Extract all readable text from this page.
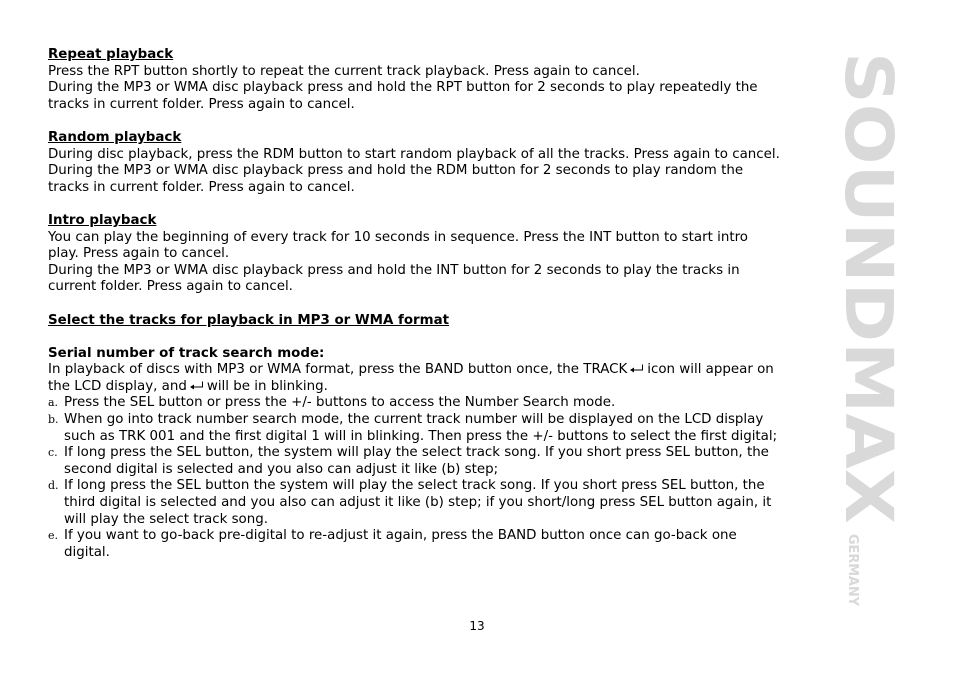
Repeat playback
Press the RPT button shortly to repeat the current track playback. Press again to cancel.
During the MP3 or WMA disc playback press and hold the RPT button for 2 seconds to play repeatedly the
tracks in current folder. Press again to cancel.
Random playback
During disc playback, press the RDM button to start random playback of all the tracks. Press again to cancel.
During the MP3 or WMA disc playback press and hold the RDM button for 2 seconds to play random the
tracks in current folder. Press again to cancel.
Intro playback
You can play the beginning of every track for 10 seconds in sequence. Press the INT button to start intro
play. Press again to cancel.
During the MP3 or WMA disc playback press and hold the INT button for 2 seconds to play the tracks in
current folder. Press again to cancel.
Select the tracks for playback in MP3 or WMA format
Serial number of track search mode:
In playback of discs with MP3 or WMA format, press the BAND button once, the TRACK icon will appear on
the LCD display, and will be in blinking.
a. Press the SEL button or press the +/- buttons to access the Number Search mode.
b. When go into track number search mode, the current track number will be displayed on the LCD display
such as TRK 001 and the first digital 1 will in blinking. Then press the +/- buttons to select the first digital;
c. If long press the SEL button, the system will play the select track song. If you short press SEL button, the
second digital is selected and you also can adjust it like (b) step;
d. If long press the SEL button the system will play the select track song. If you short press SEL button, the
third digital is selected and you also can adjust it like (b) step; if you short/long press SEL button again, it
will play the select track song.
e. If you want to go-back pre-digital to re-adjust it again, press the BAND button once can go-back one
digital.
13
SOUNDMAX
GERMANY
